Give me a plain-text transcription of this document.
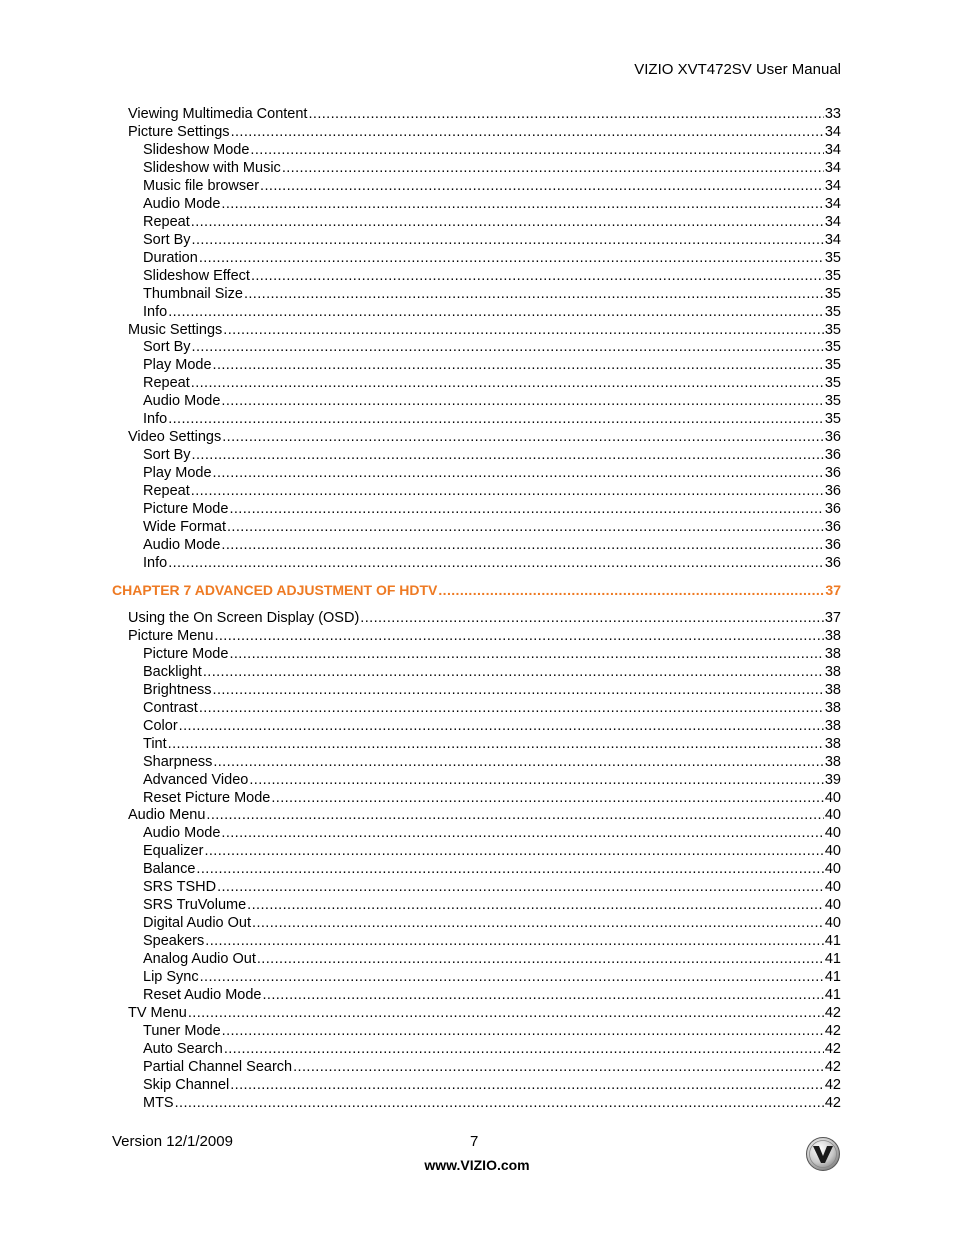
VIZIO XVT472SV User Manual
Viewing Multimedia Content .....	33
Picture Settings .....	34
Slideshow Mode .....	34
Slideshow with Music .....	34
Music file browser .....	34
Audio Mode .....	34
Repeat .....	34
Sort By .....	34
Duration .....	35
Slideshow Effect .....	35
Thumbnail Size .....	35
Info .....	35
Music Settings .....	35
Sort By .....	35
Play Mode .....	35
Repeat .....	35
Audio Mode .....	35
Info .....	35
Video Settings .....	36
Sort By .....	36
Play Mode .....	36
Repeat .....	36
Picture Mode .....	36
Wide Format .....	36
Audio Mode .....	36
Info .....	36
CHAPTER 7 ADVANCED ADJUSTMENT OF HDTV .....	37
Using the On Screen Display (OSD) .....	37
Picture Menu .....	38
Picture Mode .....	38
Backlight .....	38
Brightness .....	38
Contrast .....	38
Color .....	38
Tint .....	38
Sharpness .....	38
Advanced Video .....	39
Reset Picture Mode .....	40
Audio Menu .....	40
Audio Mode .....	40
Equalizer .....	40
Balance .....	40
SRS TSHD .....	40
SRS TruVolume .....	40
Digital Audio Out .....	40
Speakers .....	41
Analog Audio Out .....	41
Lip Sync .....	41
Reset Audio Mode .....	41
TV Menu .....	42
Tuner Mode .....	42
Auto Search .....	42
Partial Channel Search .....	42
Skip Channel .....	42
MTS .....	42
Version 12/1/2009	7
www.VIZIO.com
